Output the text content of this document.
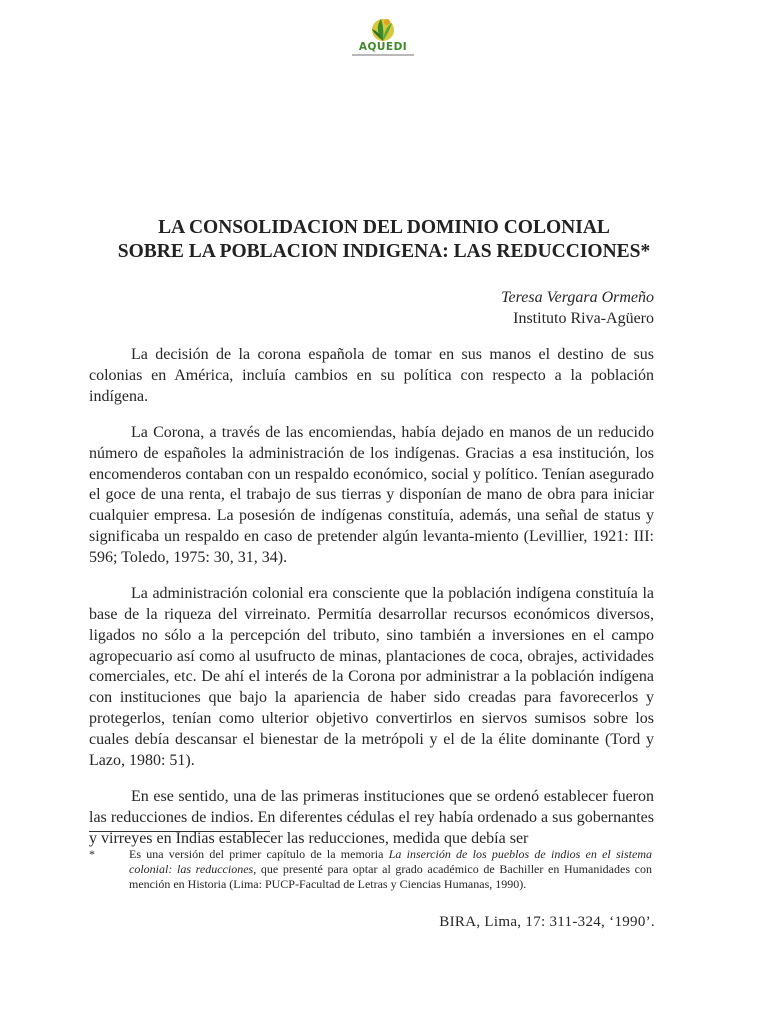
AQUEDI
LA CONSOLIDACION DEL DOMINIO COLONIAL
SOBRE LA POBLACION INDIGENA: LAS REDUCCIONES*
Teresa Vergara Ormeño
Instituto Riva-Agüero

La decisión de la corona española de tomar en sus manos el destino de sus colonias en América, incluía cambios en su política con respecto a la población indígena.

La Corona, a través de las encomiendas, había dejado en manos de un reducido número de españoles la administración de los indígenas. Gracias a esa institución, los encomenderos contaban con un respaldo económico, social y político. Tenían asegurado el goce de una renta, el trabajo de sus tierras y disponían de mano de obra para iniciar cualquier empresa. La posesión de indígenas constituía, además, una señal de status y significaba un respaldo en caso de pretender algún levanta-miento (Levillier, 1921: III: 596; Toledo, 1975: 30, 31, 34).

La administración colonial era consciente que la población indígena constituía la base de la riqueza del virreinato. Permitía desarrollar recursos económicos diversos, ligados no sólo a la percepción del tributo, sino también a inversiones en el campo agropecuario así como al usufructo de minas, plantaciones de coca, obrajes, actividades comerciales, etc. De ahí el interés de la Corona por administrar a la población indígena con instituciones que bajo la apariencia de haber sido creadas para favorecerlos y protegerlos, tenían como ulterior objetivo convertirlos en siervos sumisos sobre los cuales debía descansar el bienestar de la metrópoli y el de la élite dominante (Tord y Lazo, 1980: 51).

En ese sentido, una de las primeras instituciones que se ordenó establecer fueron las reducciones de indios. En diferentes cédulas el rey había ordenado a sus gobernantes y virreyes en Indias establecer las reducciones, medida que debía ser

*	Es una versión del primer capítulo de la memoria La inserción de los pueblos de indios en el sistema colonial: las reducciones, que presenté para optar al grado académico de Bachiller en Humanidades con mención en Historia (Lima: PUCP-Facultad de Letras y Ciencias Humanas, 1990).
BIRA, Lima, 17: 311-324, ‘1990’.
